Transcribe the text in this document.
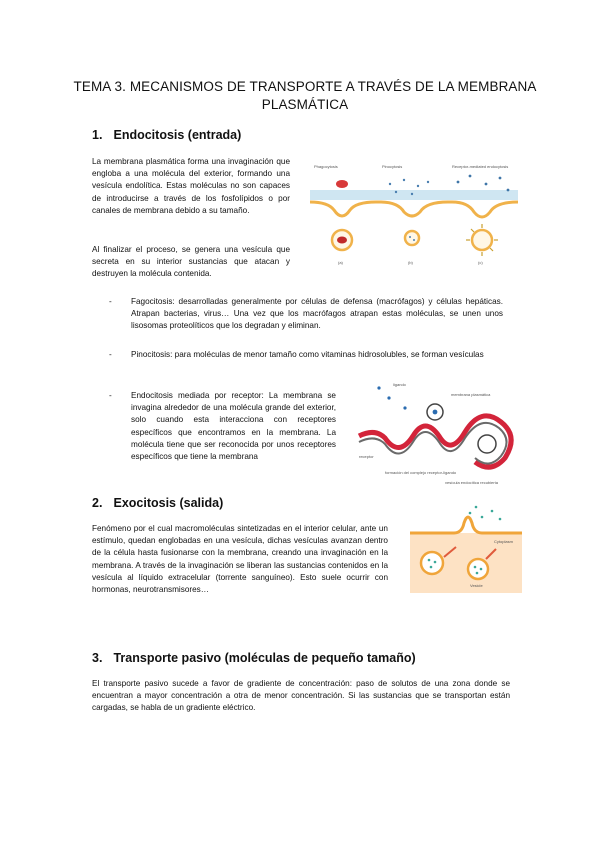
TEMA 3. MECANISMOS DE TRANSPORTE A TRAVÉS DE LA MEMBRANA PLASMÁTICA
1. Endocitosis (entrada)
La membrana plasmática forma una invaginación que engloba a una molécula del exterior, formando una vesícula endolítica. Estas moléculas no son capaces de introducirse a través de los fosfolípidos o por canales de membrana debido a su tamaño.
Al finalizar el proceso, se genera una vesícula que secreta en su interior sustancias que atacan y destruyen la molécula contenida.
Phagocytosis	Pinocytosis	Receptor-mediated endocytosis
(a)	(b)	(c)
- Fagocitosis: desarrolladas generalmente por células de defensa (macrófagos) y células hepáticas. Atrapan bacterias, virus… Una vez que los macrófagos atrapan estas moléculas, se unen unos lisosomas proteolíticos que los degradan y eliminan.
- Pinocitosis: para moléculas de menor tamaño como vitaminas hidrosolubles, se forman vesículas
- Endocitosis mediada por receptor: La membrana se invagina alrededor de una molécula grande del exterior, solo cuando esta interacciona con receptores específicos que encontramos en la membrana. La molécula tiene que ser reconocida por unos receptores específicos que tiene la membrana
ligando
membrana plasmática
receptor
formación del complejo receptor-ligando
vesícula endocítica recubierta
2. Exocitosis (salida)
Fenómeno por el cual macromoléculas sintetizadas en el interior celular, ante un estímulo, quedan englobadas en una vesícula, dichas vesículas avanzan dentro de la célula hasta fusionarse con la membrana, creando una invaginación en la membrana. A través de la invaginación se liberan las sustancias contenidos en la vesícula al líquido extracelular (torrente sanguíneo). Esto suele ocurrir con hormonas, neurotransmisores…
Cytoplasm
Vesicle
3. Transporte pasivo (moléculas de pequeño tamaño)
El transporte pasivo sucede a favor de gradiente de concentración: paso de solutos de una zona donde se encuentran a mayor concentración a otra de menor concentración. Si las sustancias que se transportan están cargadas, se habla de un gradiente eléctrico.
